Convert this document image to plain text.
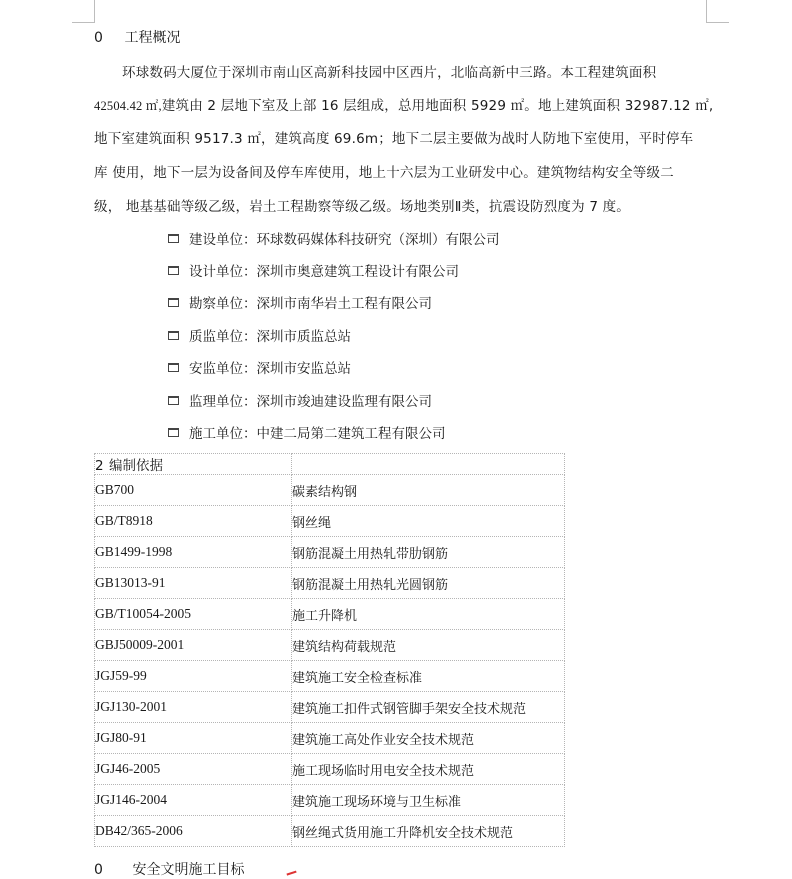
0 工程概况
环球数码大厦位于深圳市南山区高新科技园中区西片，北临高新中三路。本工程建筑面积
42504.42 ㎡,建筑由 2 层地下室及上部 16 层组成，总用地面积 5929 ㎡。地上建筑面积 32987.12 ㎡,
地下室建筑面积 9517.3 ㎡，建筑高度 69.6m；地下二层主要做为战时人防地下室使用，平时停车
库 使用，地下一层为设备间及停车库使用，地上十六层为工业研发中心。建筑物结构安全等级二
级， 地基基础等级乙级，岩土工程勘察等级乙级。场地类别Ⅱ类，抗震设防烈度为 7 度。
建设单位：环球数码媒体科技研究（深圳）有限公司
设计单位：深圳市奥意建筑工程设计有限公司
勘察单位：深圳市南华岩土工程有限公司
质监单位：深圳市质监总站
安监单位：深圳市安监总站
监理单位：深圳市竣迪建设监理有限公司
施工单位：中建二局第二建筑工程有限公司
2 编制依据	
GB700	碳素结构钢
GB/T8918	钢丝绳
GB1499-1998	钢筋混凝土用热轧带肋钢筋
GB13013-91	钢筋混凝土用热轧光圆钢筋
GB/T10054-2005	施工升降机
GBJ50009-2001	建筑结构荷载规范
JGJ59-99	建筑施工安全检查标准
JGJ130-2001	建筑施工扣件式钢管脚手架安全技术规范
JGJ80-91	建筑施工高处作业安全技术规范
JGJ46-2005	施工现场临时用电安全技术规范
JGJ146-2004	建筑施工现场环境与卫生标准
DB42/365-2006	钢丝绳式货用施工升降机安全技术规范
0 安全文明施工目标
